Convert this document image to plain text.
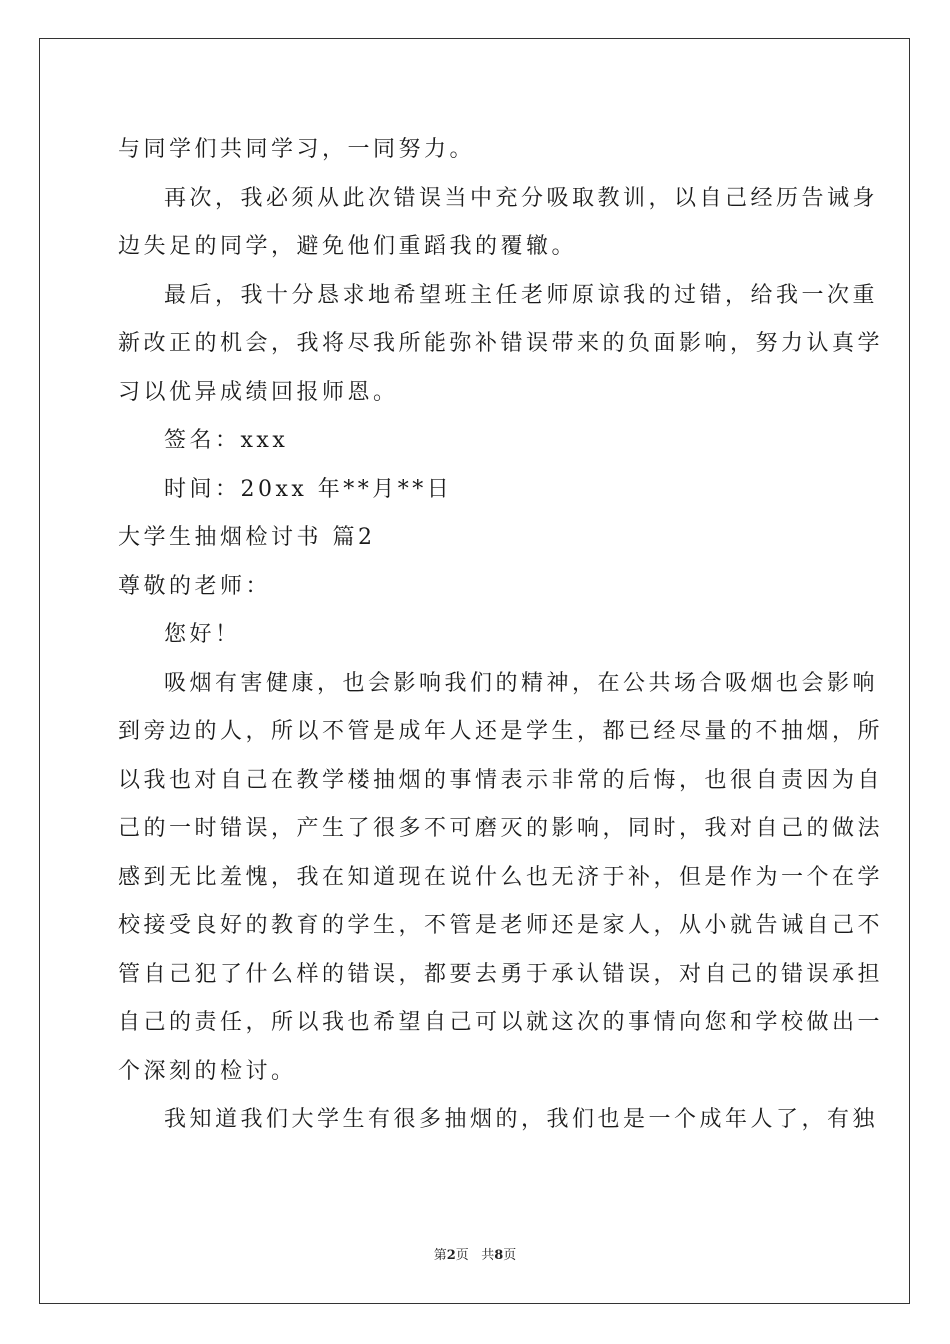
与同学们共同学习，一同努力。
再次，我必须从此次错误当中充分吸取教训，以自己经历告诫身
边失足的同学，避免他们重蹈我的覆辙。
最后，我十分恳求地希望班主任老师原谅我的过错，给我一次重
新改正的机会，我将尽我所能弥补错误带来的负面影响，努力认真学
习以优异成绩回报师恩。
签名：xxx
时间：20xx 年**月**日
大学生抽烟检讨书 篇2
尊敬的老师：
您好！
吸烟有害健康，也会影响我们的精神，在公共场合吸烟也会影响
到旁边的人，所以不管是成年人还是学生，都已经尽量的不抽烟，所
以我也对自己在教学楼抽烟的事情表示非常的后悔，也很自责因为自
己的一时错误，产生了很多不可磨灭的影响，同时，我对自己的做法
感到无比羞愧，我在知道现在说什么也无济于补，但是作为一个在学
校接受良好的教育的学生，不管是老师还是家人，从小就告诫自己不
管自己犯了什么样的错误，都要去勇于承认错误，对自己的错误承担
自己的责任，所以我也希望自己可以就这次的事情向您和学校做出一
个深刻的检讨。
我知道我们大学生有很多抽烟的，我们也是一个成年人了，有独
第2页 共8页
